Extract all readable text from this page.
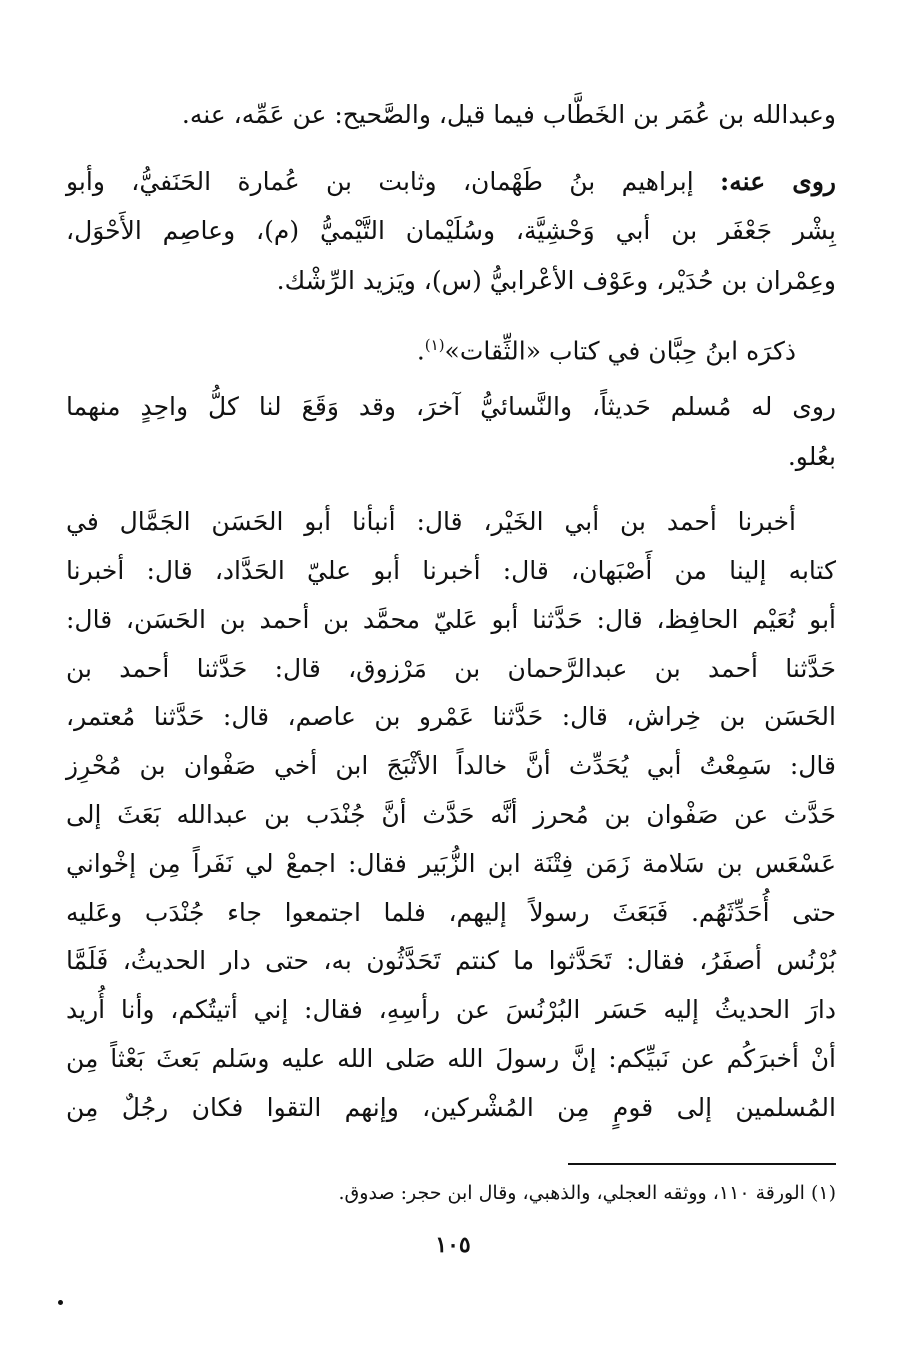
وعبدالله بن عُمَر بن الخَطَّاب فيما قيل، والصَّحيح: عن عَمِّه، عنه.
روى عنه: إبراهيم بنُ طَهْمان، وثابت بن عُمارة الحَنَفيُّ، وأبو
بِشْر جَعْفَر بن أبي وَحْشِيَّة، وسُلَيْمان التَّيْميُّ (م)، وعاصِم الأَحْوَل،
وعِمْران بن حُدَيْر، وعَوْف الأعْرابيُّ (س)، ويَزيد الرِّشْك.
ذكرَه ابنُ حِبَّان في كتاب «الثِّقات»$^{(١)}$.
روى له مُسلم حَديثاً، والنَّسائيُّ آخرَ، وقد وَقَعَ لنا كلُّ واحِدٍ منهما
بعُلو.
أخبرنا أحمد بن أبي الخَيْر، قال: أنبأنا أبو الحَسَن الجَمَّال في
كتابه إلينا من أَصْبَهان، قال: أخبرنا أبو عليّ الحَدَّاد، قال: أخبرنا
أبو نُعَيْم الحافِظ، قال: حَدَّثنا أبو عَليّ محمَّد بن أحمد بن الحَسَن، قال:
حَدَّثنا أحمد بن عبدالرَّحمان بن مَرْزوق، قال: حَدَّثنا أحمد بن
الحَسَن بن خِراش، قال: حَدَّثنا عَمْرو بن عاصم، قال: حَدَّثنا مُعتمر،
قال: سَمِعْتُ أبي يُحَدِّث أنَّ خالداً الأثْبَجَ ابن أخي صَفْوان بن مُحْرِز
حَدَّث عن صَفْوان بن مُحرز أنَّه حَدَّث أنَّ جُنْدَب بن عبدالله بَعَثَ إلى
عَسْعَس بن سَلامة زَمَن فِتْنَة ابن الزُّبَير فقال: اجمعْ لي نَفَراً مِن إخْواني
حتى أُحَدِّثَهُم. فَبَعَثَ رسولاً إليهم، فلما اجتمعوا جاء جُنْدَب وعَليه
بُرْنُس أصفَرُ، فقال: تَحَدَّثوا ما كنتم تَحَدَّثُون به، حتى دار الحديثُ، فَلَمَّا
دارَ الحديثُ إليه حَسَر البُرْنُسَ عن رأسِهِ، فقال: إني أتيتُكم، وأنا أُريد
أنْ أخبرَكُم عن نَبيِّكم: إنَّ رسولَ الله صَلى الله عليه وسَلم بَعثَ بَعْثاً مِن
المُسلمين إلى قومٍ مِن المُشْركين، وإنهم التقوا فكان رجُلٌ مِن
(١) الورقة ١١٠، ووثقه العجلي، والذهبي، وقال ابن حجر: صدوق.
١٠٥
